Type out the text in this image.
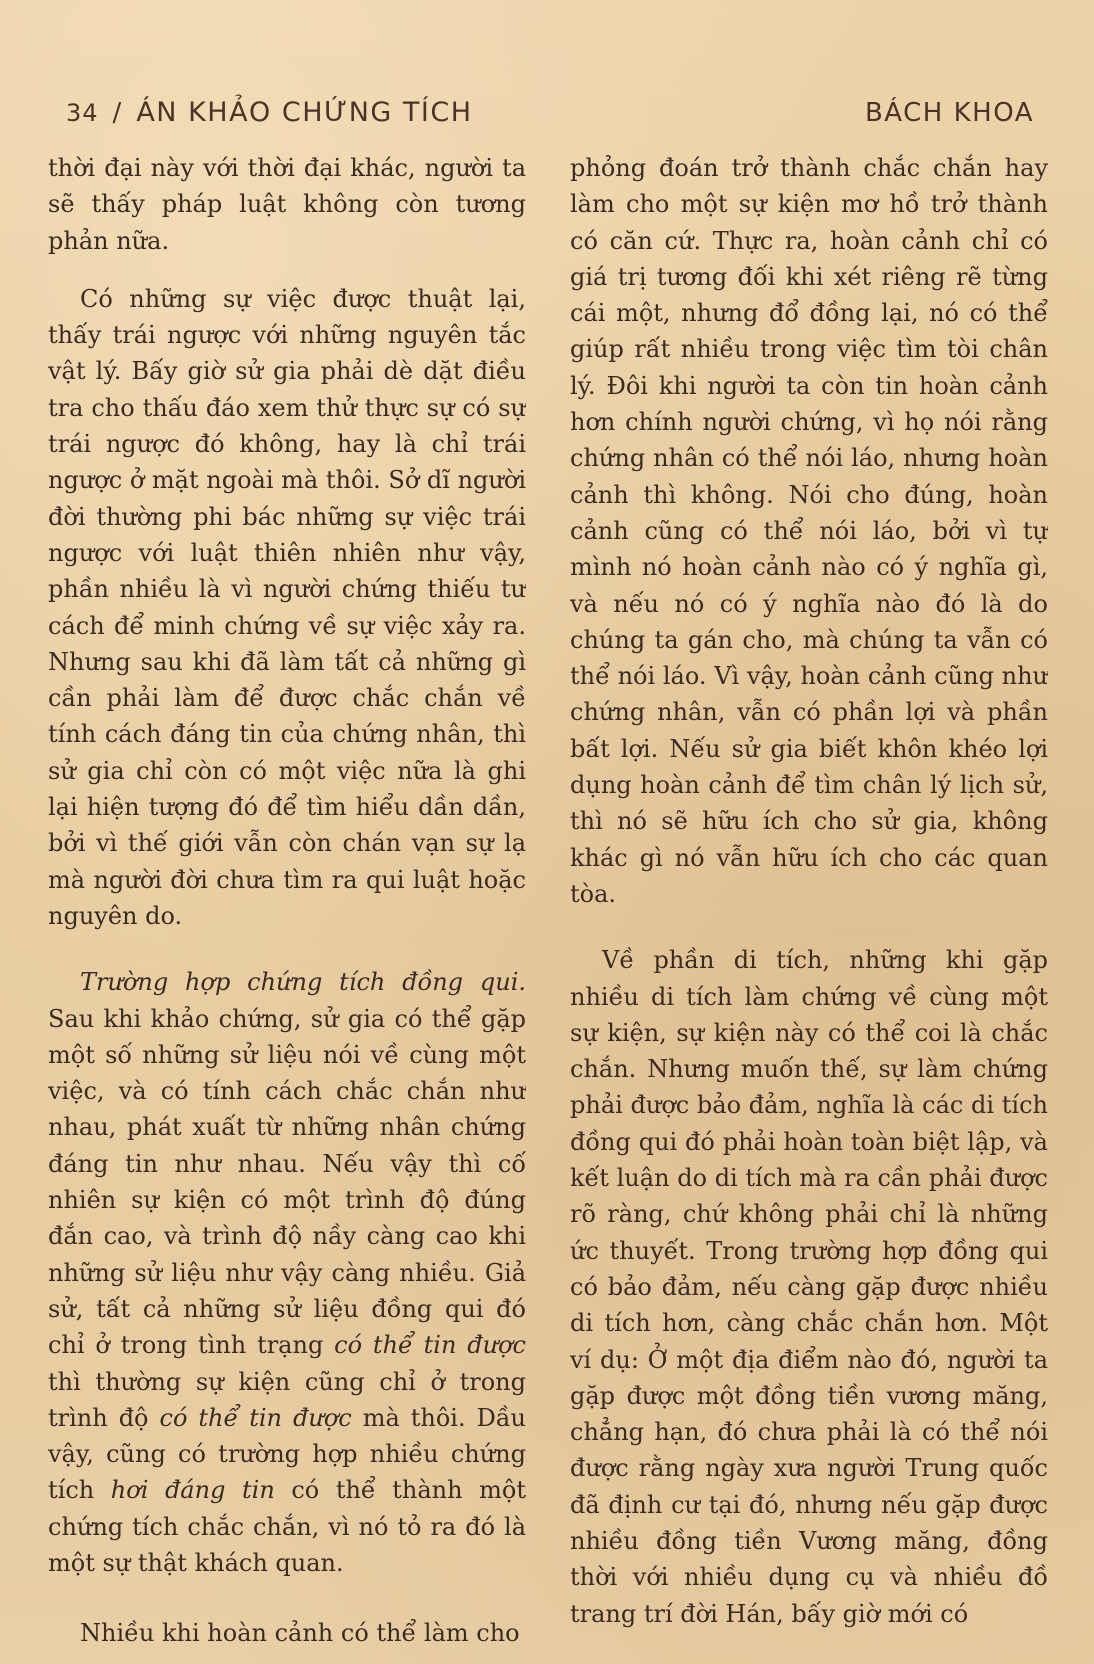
34 / ÁN KHẢO CHỨNG TÍCH	BÁCH KHOA

thời đại này với thời đại khác, người ta sẽ thấy pháp luật không còn tương phản nữa.

Có những sự việc được thuật lại, thấy trái ngược với những nguyên tắc vật lý. Bấy giờ sử gia phải dè dặt điều tra cho thấu đáo xem thử thực sự có sự trái ngược đó không, hay là chỉ trái ngược ở mặt ngoài mà thôi. Sở dĩ người đời thường phi bác những sự việc trái ngược với luật thiên nhiên như vậy, phần nhiều là vì người chứng thiếu tư cách để minh chứng về sự việc xảy ra. Nhưng sau khi đã làm tất cả những gì cần phải làm để được chắc chắn về tính cách đáng tin của chứng nhân, thì sử gia chỉ còn có một việc nữa là ghi lại hiện tượng đó để tìm hiểu dần dần, bởi vì thế giới vẫn còn chán vạn sự lạ mà người đời chưa tìm ra qui luật hoặc nguyên do.

Trường hợp chứng tích đồng qui. Sau khi khảo chứng, sử gia có thể gặp một số những sử liệu nói về cùng một việc, và có tính cách chắc chắn như nhau, phát xuất từ những nhân chứng đáng tin như nhau. Nếu vậy thì cố nhiên sự kiện có một trình độ đúng đắn cao, và trình độ nầy càng cao khi những sử liệu như vậy càng nhiều. Giả sử, tất cả những sử liệu đồng qui đó chỉ ở trong tình trạng có thể tin được thì thường sự kiện cũng chỉ ở trong trình độ có thể tin được mà thôi. Dầu vậy, cũng có trường hợp nhiều chứng tích hơi đáng tin có thể thành một chứng tích chắc chắn, vì nó tỏ ra đó là một sự thật khách quan.

Nhiều khi hoàn cảnh có thể làm cho

phỏng đoán trở thành chắc chắn hay làm cho một sự kiện mơ hồ trở thành có căn cứ. Thực ra, hoàn cảnh chỉ có giá trị tương đối khi xét riêng rẽ từng cái một, nhưng đổ đồng lại, nó có thể giúp rất nhiều trong việc tìm tòi chân lý. Đôi khi người ta còn tin hoàn cảnh hơn chính người chứng, vì họ nói rằng chứng nhân có thể nói láo, nhưng hoàn cảnh thì không. Nói cho đúng, hoàn cảnh cũng có thể nói láo, bởi vì tự mình nó hoàn cảnh nào có ý nghĩa gì, và nếu nó có ý nghĩa nào đó là do chúng ta gán cho, mà chúng ta vẫn có thể nói láo. Vì vậy, hoàn cảnh cũng như chứng nhân, vẫn có phần lợi và phần bất lợi. Nếu sử gia biết khôn khéo lợi dụng hoàn cảnh để tìm chân lý lịch sử, thì nó sẽ hữu ích cho sử gia, không khác gì nó vẫn hữu ích cho các quan tòa.

Về phần di tích, những khi gặp nhiều di tích làm chứng về cùng một sự kiện, sự kiện này có thể coi là chắc chắn. Nhưng muốn thế, sự làm chứng phải được bảo đảm, nghĩa là các di tích đồng qui đó phải hoàn toàn biệt lập, và kết luận do di tích mà ra cần phải được rõ ràng, chứ không phải chỉ là những ức thuyết. Trong trường hợp đồng qui có bảo đảm, nếu càng gặp được nhiều di tích hơn, càng chắc chắn hơn. Một ví dụ: Ở một địa điểm nào đó, người ta gặp được một đồng tiền vương măng, chẳng hạn, đó chưa phải là có thể nói được rằng ngày xưa người Trung quốc đã định cư tại đó, nhưng nếu gặp được nhiều đồng tiền Vương măng, đồng thời với nhiều dụng cụ và nhiều đồ trang trí đời Hán, bấy giờ mới có
